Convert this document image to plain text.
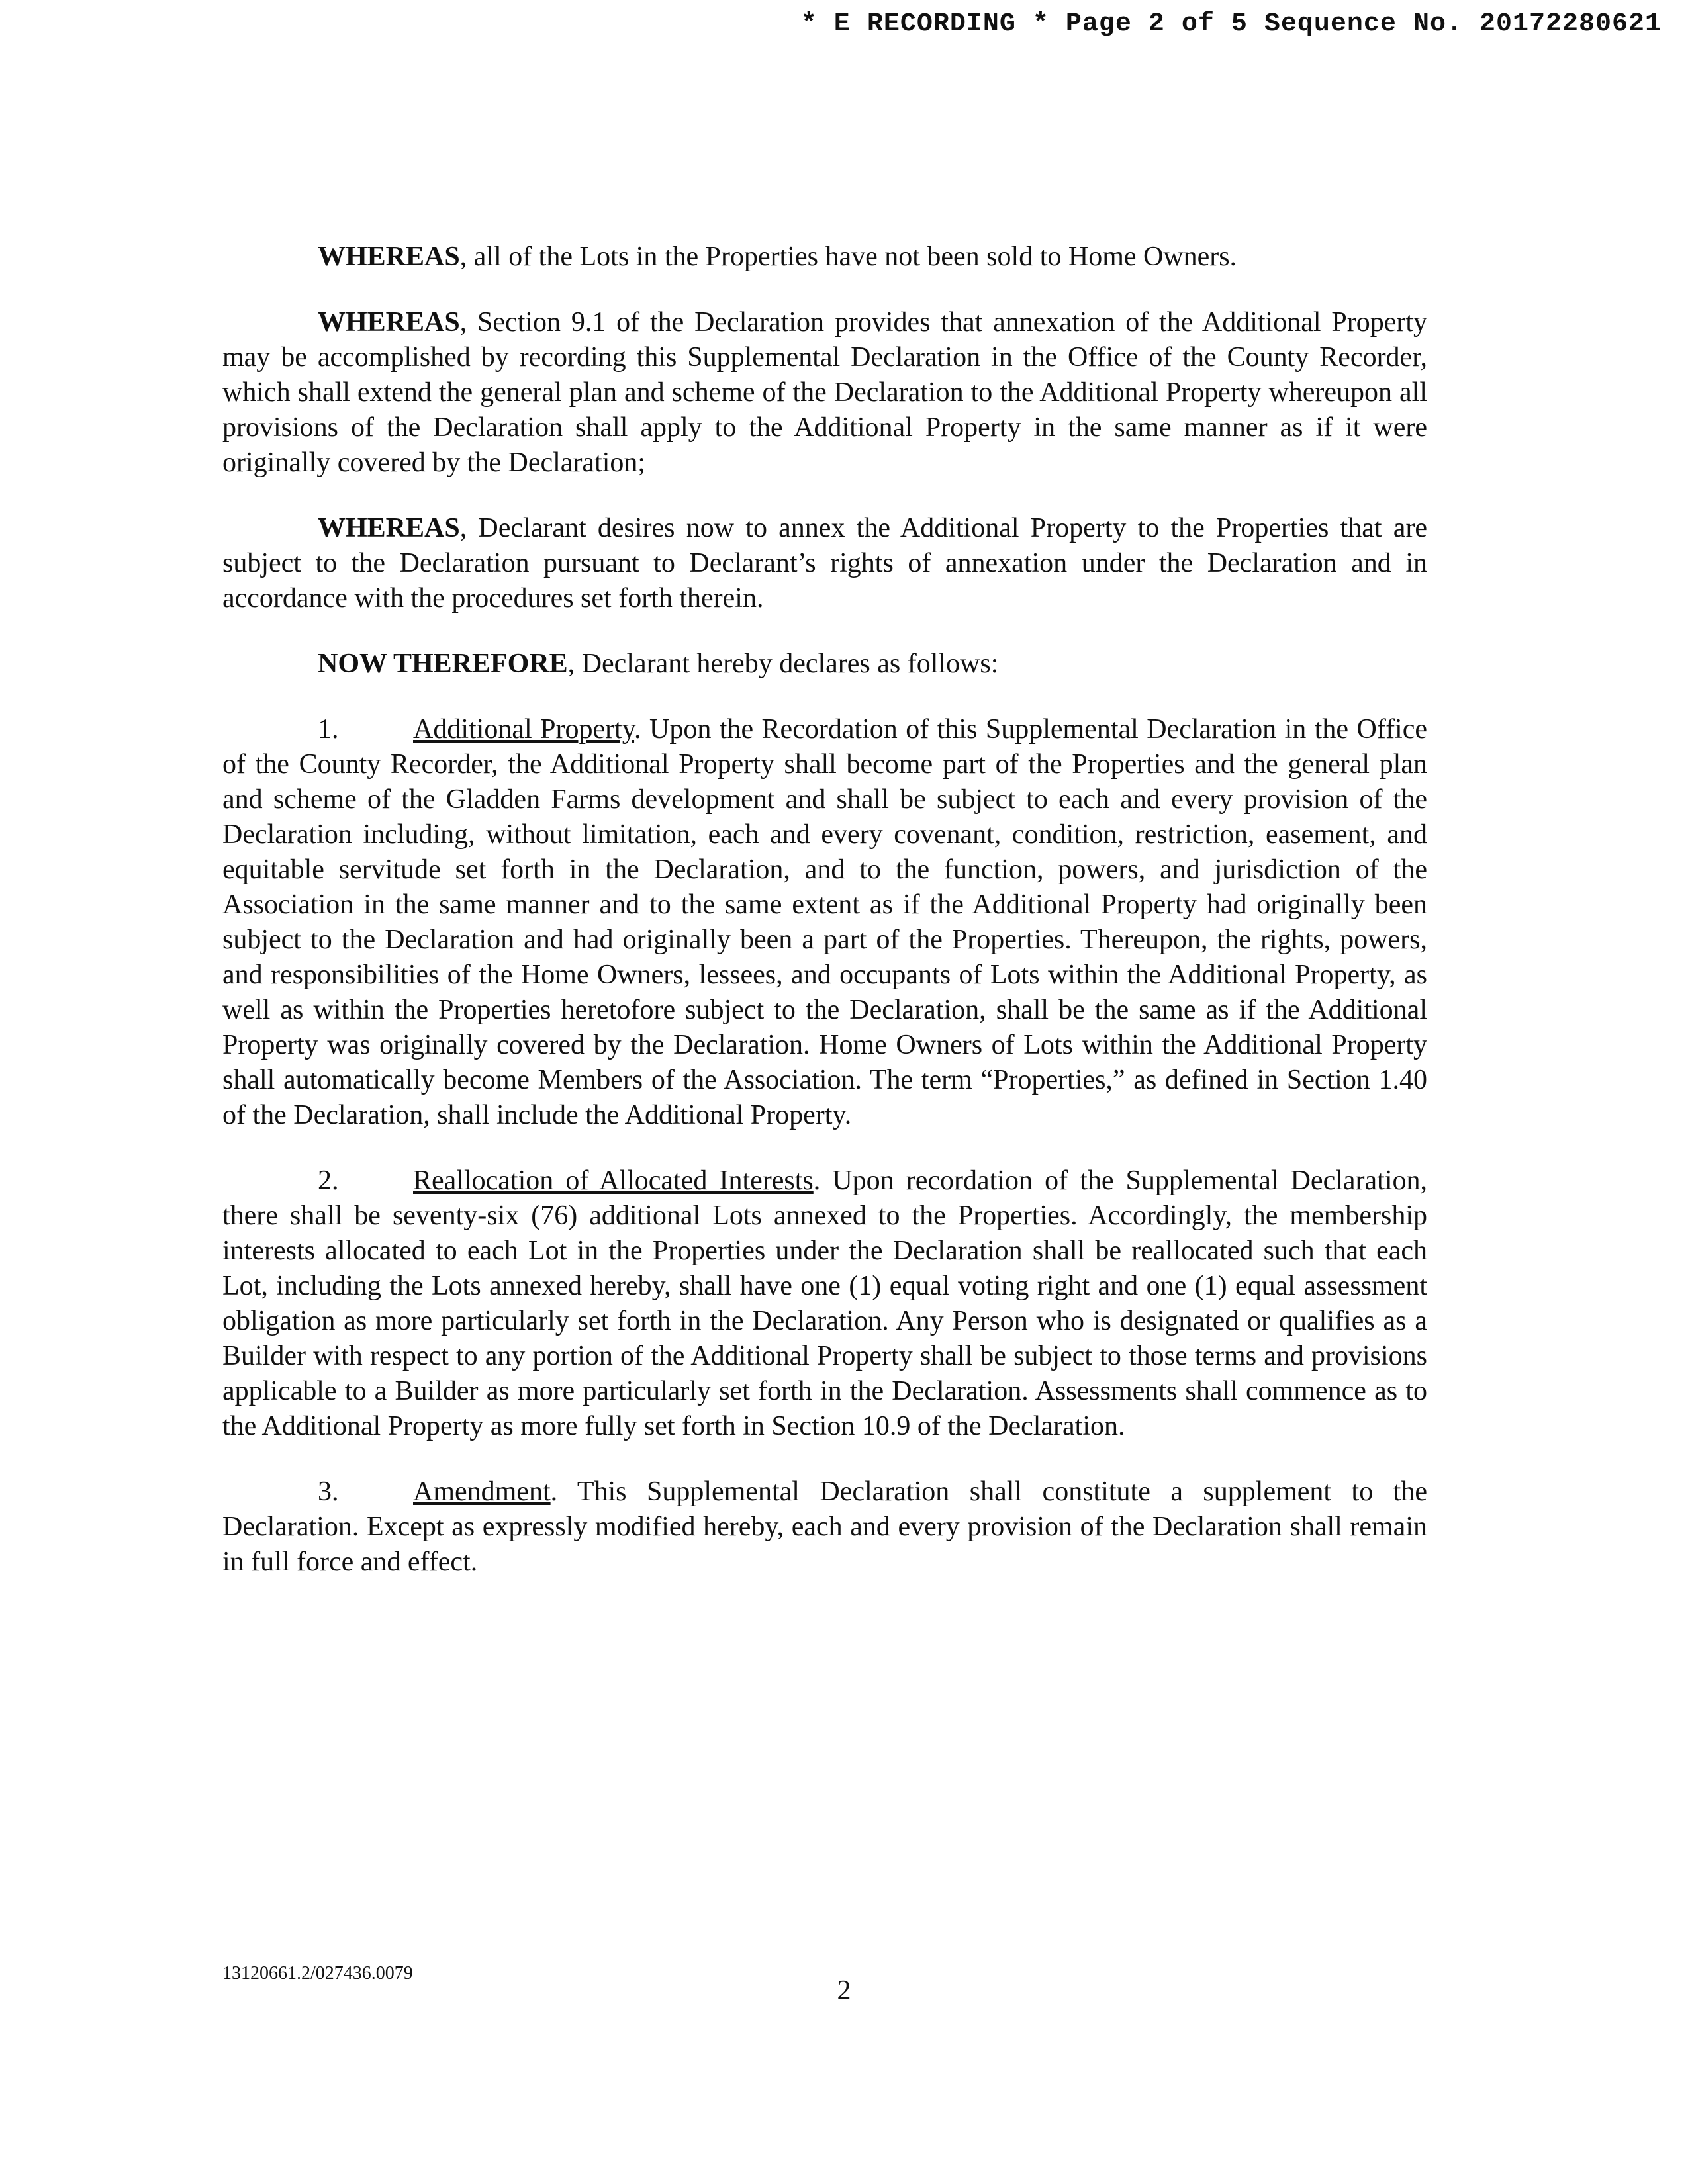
* E RECORDING * Page 2 of 5 Sequence No. 20172280621

WHEREAS, all of the Lots in the Properties have not been sold to Home Owners.

WHEREAS, Section 9.1 of the Declaration provides that annexation of the Additional Property may be accomplished by recording this Supplemental Declaration in the Office of the County Recorder, which shall extend the general plan and scheme of the Declaration to the Additional Property whereupon all provisions of the Declaration shall apply to the Additional Property in the same manner as if it were originally covered by the Declaration;

WHEREAS, Declarant desires now to annex the Additional Property to the Properties that are subject to the Declaration pursuant to Declarant’s rights of annexation under the Declaration and in accordance with the procedures set forth therein.

NOW THEREFORE, Declarant hereby declares as follows:

1.	Additional Property. Upon the Recordation of this Supplemental Declaration in the Office of the County Recorder, the Additional Property shall become part of the Properties and the general plan and scheme of the Gladden Farms development and shall be subject to each and every provision of the Declaration including, without limitation, each and every covenant, condition, restriction, easement, and equitable servitude set forth in the Declaration, and to the function, powers, and jurisdiction of the Association in the same manner and to the same extent as if the Additional Property had originally been subject to the Declaration and had originally been a part of the Properties. Thereupon, the rights, powers, and responsibilities of the Home Owners, lessees, and occupants of Lots within the Additional Property, as well as within the Properties heretofore subject to the Declaration, shall be the same as if the Additional Property was originally covered by the Declaration. Home Owners of Lots within the Additional Property shall automatically become Members of the Association. The term “Properties,” as defined in Section 1.40 of the Declaration, shall include the Additional Property.

2.	Reallocation of Allocated Interests. Upon recordation of the Supplemental Declaration, there shall be seventy-six (76) additional Lots annexed to the Properties. Accordingly, the membership interests allocated to each Lot in the Properties under the Declaration shall be reallocated such that each Lot, including the Lots annexed hereby, shall have one (1) equal voting right and one (1) equal assessment obligation as more particularly set forth in the Declaration. Any Person who is designated or qualifies as a Builder with respect to any portion of the Additional Property shall be subject to those terms and provisions applicable to a Builder as more particularly set forth in the Declaration. Assessments shall commence as to the Additional Property as more fully set forth in Section 10.9 of the Declaration.

3.	Amendment. This Supplemental Declaration shall constitute a supplement to the Declaration. Except as expressly modified hereby, each and every provision of the Declaration shall remain in full force and effect.

13120661.2/027436.0079
2
